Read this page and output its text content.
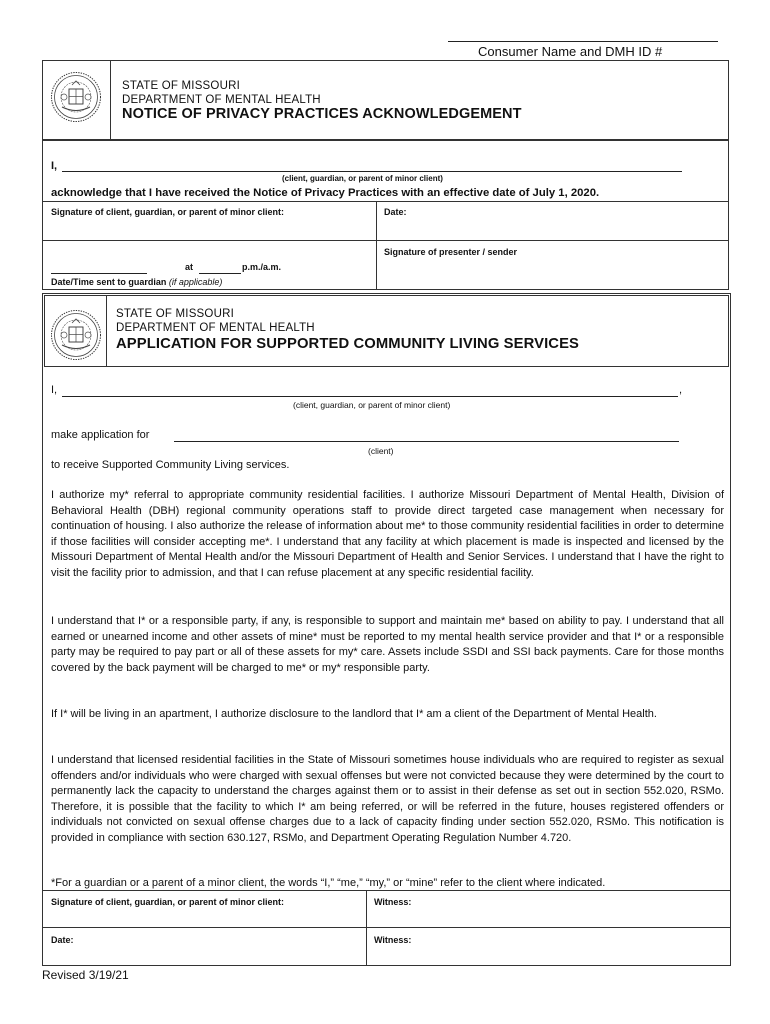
Consumer Name and DMH ID #
STATE OF MISSOURI
DEPARTMENT OF MENTAL HEALTH
NOTICE OF PRIVACY PRACTICES ACKNOWLEDGEMENT
I,
(client, guardian, or parent of minor client)
acknowledge that I have received the Notice of Privacy Practices with an effective date of July 1, 2020.
Signature of client, guardian, or parent of minor client:	Date:
Signature of presenter / sender
at	p.m./a.m.
Date/Time sent to guardian (if applicable)
STATE OF MISSOURI
DEPARTMENT OF MENTAL HEALTH
APPLICATION FOR SUPPORTED COMMUNITY LIVING SERVICES
I,	,
(client, guardian, or parent of minor client)
make application for
(client)
to receive Supported Community Living services.

I authorize my* referral to appropriate community residential facilities. I authorize Missouri Department of Mental Health, Division of Behavioral Health (DBH) regional community operations staff to provide direct targeted case management when necessary for continuation of housing. I also authorize the release of information about me* to those community residential facilities in order to determine if those facilities will consider accepting me*. I understand that any facility at which placement is made is inspected and licensed by the Missouri Department of Mental Health and/or the Missouri Department of Health and Senior Services. I understand that I have the right to visit the facility prior to admission, and that I can refuse placement at any specific residential facility.

I understand that I* or a responsible party, if any, is responsible to support and maintain me* based on ability to pay. I understand that all earned or unearned income and other assets of mine* must be reported to my mental health service provider and that I* or a responsible party may be required to pay part or all of these assets for my* care. Assets include SSDI and SSI back payments. Care for those months covered by the back payment will be charged to me* or my* responsible party.

If I* will be living in an apartment, I authorize disclosure to the landlord that I* am a client of the Department of Mental Health.

I understand that licensed residential facilities in the State of Missouri sometimes house individuals who are required to register as sexual offenders and/or individuals who were charged with sexual offenses but were not convicted because they were determined by the court to permanently lack the capacity to understand the charges against them or to assist in their defense as set out in section 552.020, RSMo. Therefore, it is possible that the facility to which I* am being referred, or will be referred in the future, houses registered offenders or individuals not convicted on sexual offense charges due to a lack of capacity finding under section 552.020, RSMo. This notification is provided in compliance with section 630.127, RSMo, and Department Operating Regulation Number 4.720.

*For a guardian or a parent of a minor client, the words “I,” “me,” “my,” or “mine” refer to the client where indicated.
Signature of client, guardian, or parent of minor client:	Witness:
Date:	Witness:
Revised 3/19/21
